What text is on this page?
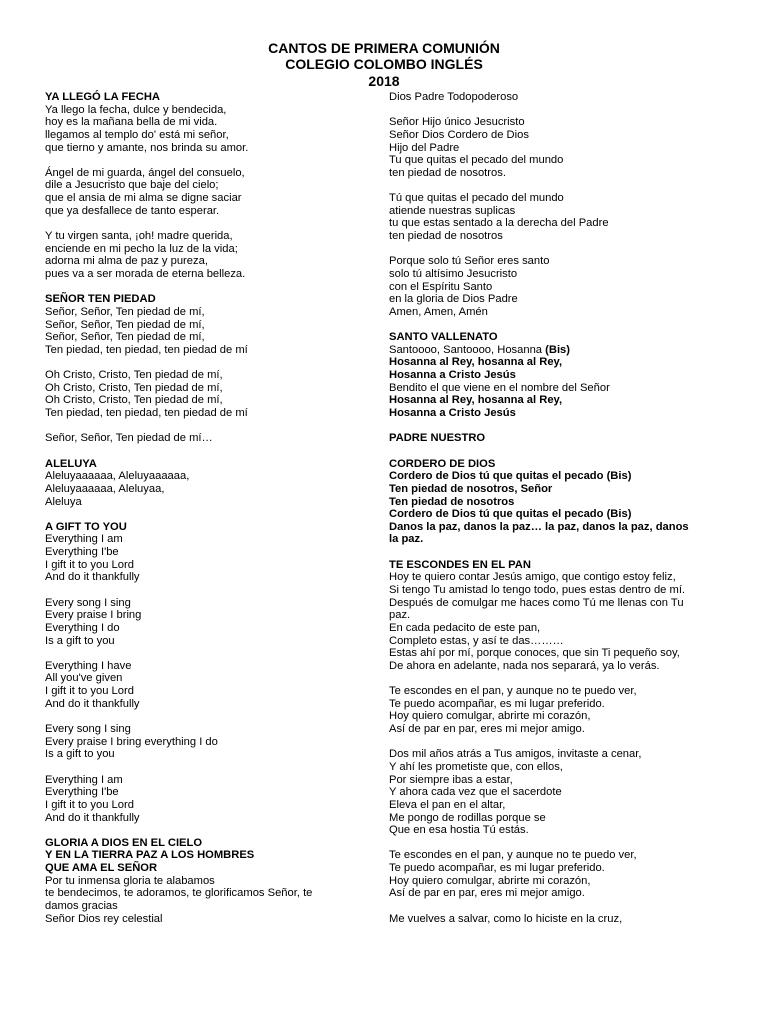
CANTOS DE PRIMERA COMUNIÓN
COLEGIO COLOMBO INGLÉS
2018
YA LLEGÓ LA FECHA
Ya llego la fecha, dulce y bendecida,
hoy es la mañana bella de mi vida.
llegamos al templo do' está mi señor,
que tierno y amante, nos brinda su amor.
Ángel de mi guarda, ángel del consuelo,
dile a Jesucristo que baje del cielo;
que el ansia de mi alma se digne saciar
que ya desfallece de tanto esperar.
Y tu virgen santa, ¡oh! madre querida,
enciende en mi pecho la luz de la vida;
adorna mi alma de paz y pureza,
pues va a ser morada de eterna belleza.
SEÑOR TEN PIEDAD
Señor, Señor, Ten piedad de mí,
Señor, Señor, Ten piedad de mí,
Señor, Señor, Ten piedad de mí,
Ten piedad, ten piedad, ten piedad de mí
Oh Cristo, Cristo, Ten piedad de mí,
Oh Cristo, Cristo, Ten piedad de mí,
Oh Cristo, Cristo, Ten piedad de mí,
Ten piedad, ten piedad, ten piedad de mí
Señor, Señor, Ten piedad de mí…
ALELUYA
Aleluyaaaaaa, Aleluyaaaaaa,
Aleluyaaaaaa, Aleluyaa,
Aleluya
A GIFT TO YOU
Everything I am
Everything I'be
I gift it to you Lord
And do it thankfully
Every song I sing
Every praise I bring
Everything I do
Is a gift to you
Everything I have
All you've given
I gift it to you Lord
And do it thankfully
Every song I sing
Every praise I bring everything I do
Is a gift to you
Everything I am
Everything I'be
I gift it to you Lord
And do it thankfully
GLORIA A DIOS EN EL CIELO
Y EN LA TIERRA PAZ A LOS HOMBRES
QUE AMA EL SEÑOR
Por tu inmensa gloria te alabamos
te bendecimos, te adoramos, te glorificamos Señor, te
damos gracias
Señor Dios rey celestial
Dios Padre Todopoderoso
Señor Hijo único Jesucristo
Señor Dios Cordero de Dios
Hijo del Padre
Tu que quitas el pecado del mundo
ten piedad de nosotros.
Tú que quitas el pecado del mundo
atiende nuestras suplicas
tu que estas sentado a la derecha del Padre
ten piedad de nosotros
Porque solo tú Señor eres santo
solo tú altísimo Jesucristo
con el Espíritu Santo
en la gloria de Dios Padre
Amen, Amen, Amén
SANTO VALLENATO
Santoooo, Santoooo, Hosanna (Bis)
Hosanna al Rey, hosanna al Rey,
Hosanna a Cristo Jesús
Bendito el que viene en el nombre del Señor
Hosanna al Rey, hosanna al Rey,
Hosanna a Cristo Jesús
PADRE NUESTRO
CORDERO DE DIOS
Cordero de Dios tú que quitas el pecado (Bis)
Ten piedad de nosotros, Señor
Ten piedad de nosotros
Cordero de Dios tú que quitas el pecado (Bis)
Danos la paz, danos la paz… la paz, danos la paz, danos
la paz.
TE ESCONDES EN EL PAN
Hoy te quiero contar Jesús amigo, que contigo estoy feliz,
Si tengo Tu amistad lo tengo todo, pues estas dentro de mí.
Después de comulgar me haces como Tú me llenas con Tu
paz.
En cada pedacito de este pan,
Completo estas, y así te das………
Estas ahí por mí, porque conoces, que sin Ti pequeño soy,
De ahora en adelante, nada nos separará, ya lo verás.
Te escondes en el pan, y aunque no te puedo ver,
Te puedo acompañar, es mi lugar preferido.
Hoy quiero comulgar, abrirte mi corazón,
Así de par en par, eres mi mejor amigo.
Dos mil años atrás a Tus amigos, invitaste a cenar,
Y ahí les prometiste que, con ellos,
Por siempre ibas a estar,
Y ahora cada vez que el sacerdote
Eleva el pan en el altar,
Me pongo de rodillas porque se
Que en esa hostia Tú estás.
Te escondes en el pan, y aunque no te puedo ver,
Te puedo acompañar, es mi lugar preferido.
Hoy quiero comulgar, abrirte mi corazón,
Así de par en par, eres mi mejor amigo.
Me vuelves a salvar, como lo hiciste en la cruz,
